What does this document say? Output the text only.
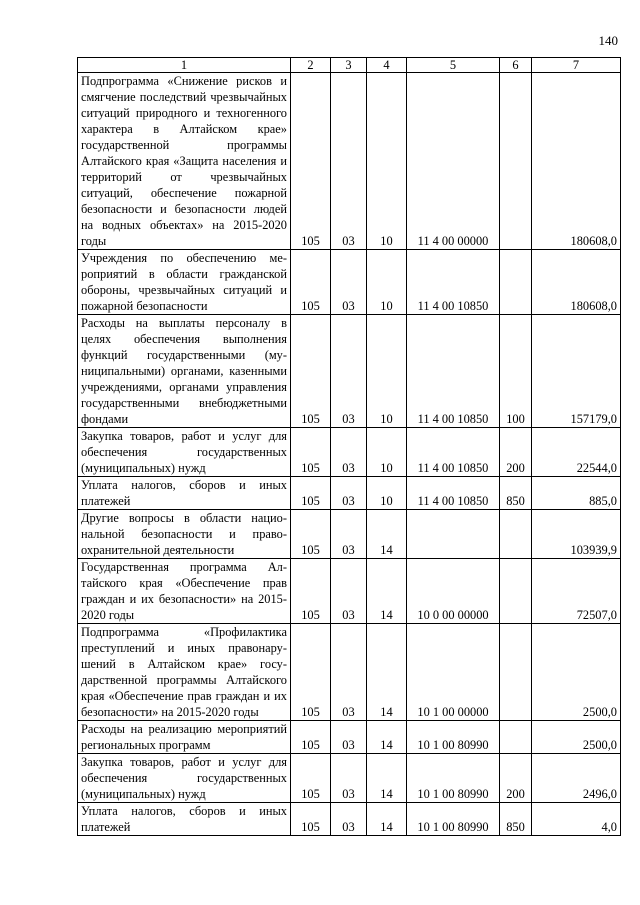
140
1	2	3	4	5	6	7
Подпрограмма «Снижение рисков и смягчение последствий чрезвычайных ситуаций природного и техногенного характера в Алтайском крае» государственной программы Алтайского края «Защита населения и территорий от чрезвычайных ситуаций, обеспечение пожарной безопасности и безопасности людей на водных объектах» на 2015-2020 годы	105	03	10	11 4 00 00000		180608,0
Учреждения по обеспечению мероприятий в области гражданской обороны, чрезвычайных ситуаций и пожарной безопасности	105	03	10	11 4 00 10850		180608,0
Расходы на выплаты персоналу в целях обеспечения выполнения функций государственными (муниципальными) органами, казенными учреждениями, органами управления государственными внебюджетными фондами	105	03	10	11 4 00 10850	100	157179,0
Закупка товаров, работ и услуг для обеспечения государственных (муниципальных) нужд	105	03	10	11 4 00 10850	200	22544,0
Уплата налогов, сборов и иных платежей	105	03	10	11 4 00 10850	850	885,0
Другие вопросы в области национальной безопасности и правоохранительной деятельности	105	03	14			103939,9
Государственная программа Алтайского края «Обеспечение прав граждан и их безопасности» на 2015-2020 годы	105	03	14	10 0 00 00000		72507,0
Подпрограмма «Профилактика преступлений и иных правонарушений в Алтайском крае» государственной программы Алтайского края «Обеспечение прав граждан и их безопасности» на 2015-2020 годы	105	03	14	10 1 00 00000		2500,0
Расходы на реализацию мероприятий региональных программ	105	03	14	10 1 00 80990		2500,0
Закупка товаров, работ и услуг для обеспечения государственных (муниципальных) нужд	105	03	14	10 1 00 80990	200	2496,0
Уплата налогов, сборов и иных платежей	105	03	14	10 1 00 80990	850	4,0
